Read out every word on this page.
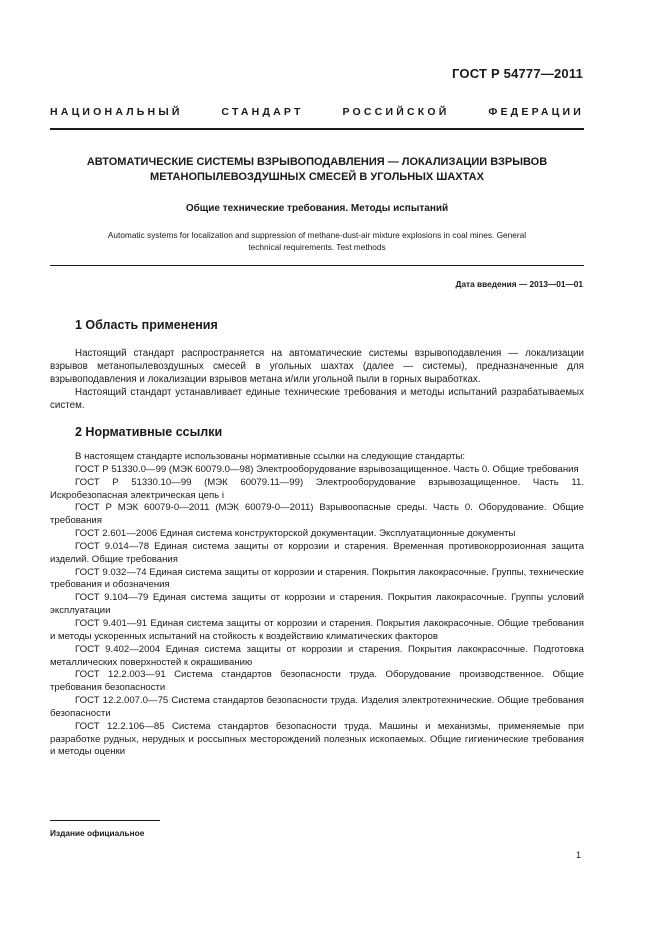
ГОСТ Р 54777—2011
НАЦИОНАЛЬНЫЙ СТАНДАРТ РОССИЙСКОЙ ФЕДЕРАЦИИ
АВТОМАТИЧЕСКИЕ СИСТЕМЫ ВЗРЫВОПОДАВЛЕНИЯ — ЛОКАЛИЗАЦИИ ВЗРЫВОВ
МЕТАНОПЫЛЕВОЗДУШНЫХ СМЕСЕЙ В УГОЛЬНЫХ ШАХТАХ
Общие технические требования. Методы испытаний
Automatic systems for localization and suppression of methane-dust-air mixture explosions in coal mines. General
technical requirements. Test methods
Дата введения — 2013—01—01
1 Область применения
Настоящий стандарт распространяется на автоматические системы взрывоподавления — локализации взрывов метанопылевоздушных смесей в угольных шахтах (далее — системы), предназначенные для взрывоподавления и локализации взрывов метана и/или угольной пыли в горных выработках.
Настоящий стандарт устанавливает единые технические требования и методы испытаний разрабатываемых систем.
2 Нормативные ссылки

В настоящем стандарте использованы нормативные ссылки на следующие стандарты:

ГОСТ Р 51330.0—99 (МЭК 60079.0—98) Электрооборудование взрывозащищенное. Часть 0. Общие требования

ГОСТ Р 51330.10—99 (МЭК 60079.11—99) Электрооборудование взрывозащищенное. Часть 11. Искробезопасная электрическая цепь i

ГОСТ Р МЭК 60079-0—2011 (МЭК 60079-0—2011) Взрывоопасные среды. Часть 0. Оборудование. Общие требования

ГОСТ 2.601—2006 Единая система конструкторской документации. Эксплуатационные документы

ГОСТ 9.014—78 Единая система защиты от коррозии и старения. Временная противокоррозионная защита изделий. Общие требования

ГОСТ 9.032—74 Единая система защиты от коррозии и старения. Покрытия лакокрасочные. Группы, технические требования и обозначения

ГОСТ 9.104—79 Единая система защиты от коррозии и старения. Покрытия лакокрасочные. Группы условий эксплуатации

ГОСТ 9.401—91 Единая система защиты от коррозии и старения. Покрытия лакокрасочные. Общие требования и методы ускоренных испытаний на стойкость к воздействию климатических факторов

ГОСТ 9.402—2004 Единая система защиты от коррозии и старения. Покрытия лакокрасочные. Подготовка металлических поверхностей к окрашиванию

ГОСТ 12.2.003—91 Система стандартов безопасности труда. Оборудование производственное. Общие требования безопасности

ГОСТ 12.2.007.0—75 Система стандартов безопасности труда. Изделия электротехнические. Общие требования безопасности

ГОСТ 12.2.106—85 Система стандартов безопасности труда. Машины и механизмы, применяемые при разработке рудных, нерудных и россыпных месторождений полезных ископаемых. Общие гигиенические требования и методы оценки

Издание официальное
1
